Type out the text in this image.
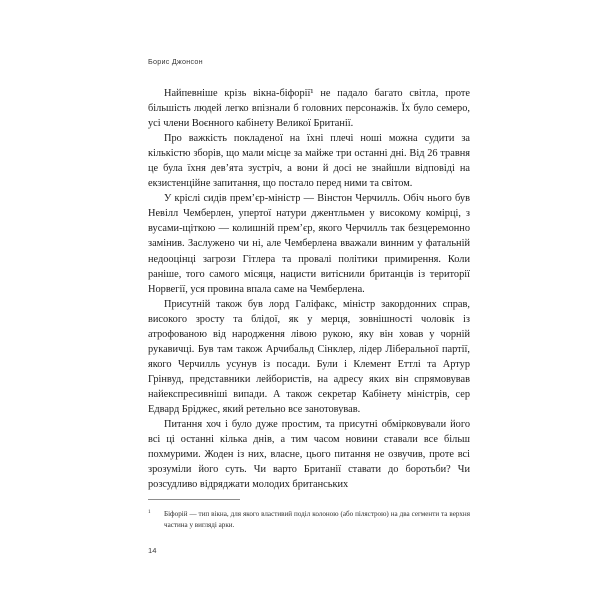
Борис Джонсон

Найпевніше крізь вікна-біфорії¹ не падало багато світла, проте більшість людей легко впізнали б головних персонажів. Їх було семеро, усі члени Воєнного кабінету Великої Британії.

Про важкість покладеної на їхні плечі ноші можна судити за кількістю зборів, що мали місце за майже три останні дні. Від 26 травня це була їхня дев’ята зустріч, а вони й досі не знайшли відповіді на екзистенційне запитання, що постало перед ними та світом.

У кріслі сидів прем’єр-міністр — Вінстон Черчилль. Обіч нього був Невілл Чемберлен, упертої натури джентльмен у високому комірці, з вусами-щіткою — колишній прем’єр, якого Черчилль так безцеремонно замінив. Заслужено чи ні, але Чемберлена вважали винним у фатальній недооцінці загрози Гітлера та провалі політики примирення. Коли раніше, того самого місяця, нацисти витіснили британців із території Норвегії, уся провина впала саме на Чемберлена.

Присутній також був лорд Галіфакс, міністр закордонних справ, високого зросту та блідої, як у мерця, зовнішності чоловік із атрофованою від народження лівою рукою, яку він ховав у чорній рукавичці. Був там також Арчибальд Сінклер, лідер Ліберальної партії, якого Черчилль усунув із посади. Були і Клемент Еттлі та Артур Грінвуд, представники лейбористів, на адресу яких він спрямовував найекспресивніші випади. А також секретар Кабінету міністрів, сер Едвард Бріджес, який ретельно все занотовував.

Питання хоч і було дуже простим, та присутні обмірковували його всі ці останні кілька днів, а тим часом новини ставали все більш похмурими. Жоден із них, власне, цього питання не озвучив, проте всі зрозуміли його суть. Чи варто Британії ставати до боротьби? Чи розсудливо відряджати молодих британських

1	Біфорій — тип вікна, для якого властивий поділ колоною (або пілястрою) на два сегменти та верхня частина у вигляді арки.
14
